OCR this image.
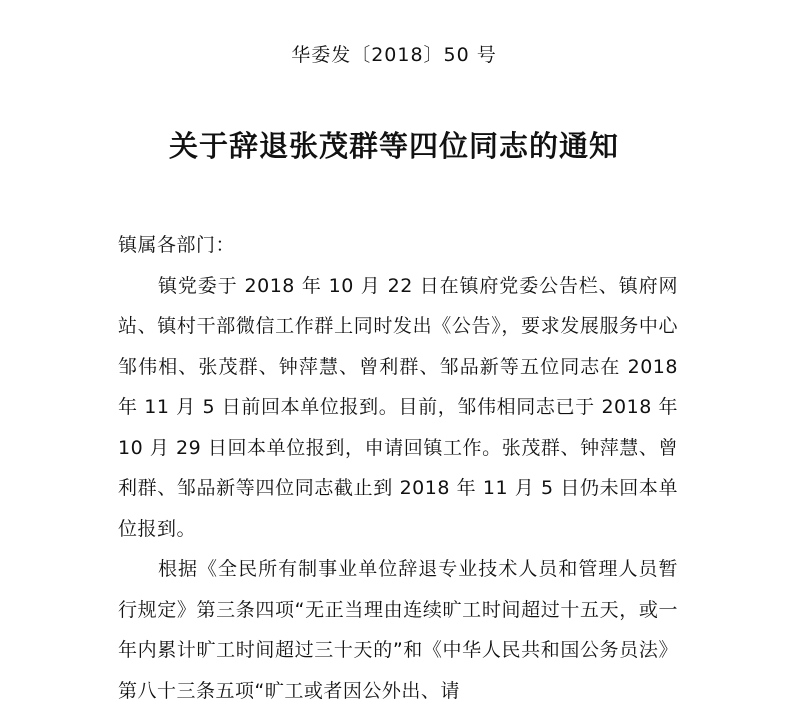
华委发〔2018〕50 号
关于辞退张茂群等四位同志的通知

镇属各部门：

镇党委于 2018 年 10 月 22 日在镇府党委公告栏、镇府网站、镇村干部微信工作群上同时发出《公告》，要求发展服务中心邹伟相、张茂群、钟萍慧、曾利群、邹品新等五位同志在 2018 年 11 月 5 日前回本单位报到。目前，邹伟相同志已于 2018 年 10 月 29 日回本单位报到，申请回镇工作。张茂群、钟萍慧、曾利群、邹品新等四位同志截止到 2018 年 11 月 5 日仍未回本单位报到。

根据《全民所有制事业单位辞退专业技术人员和管理人员暂行规定》第三条四项“无正当理由连续旷工时间超过十五天，或一年内累计旷工时间超过三十天的”和《中华人民共和国公务员法》第八十三条五项“旷工或者因公外出、请
